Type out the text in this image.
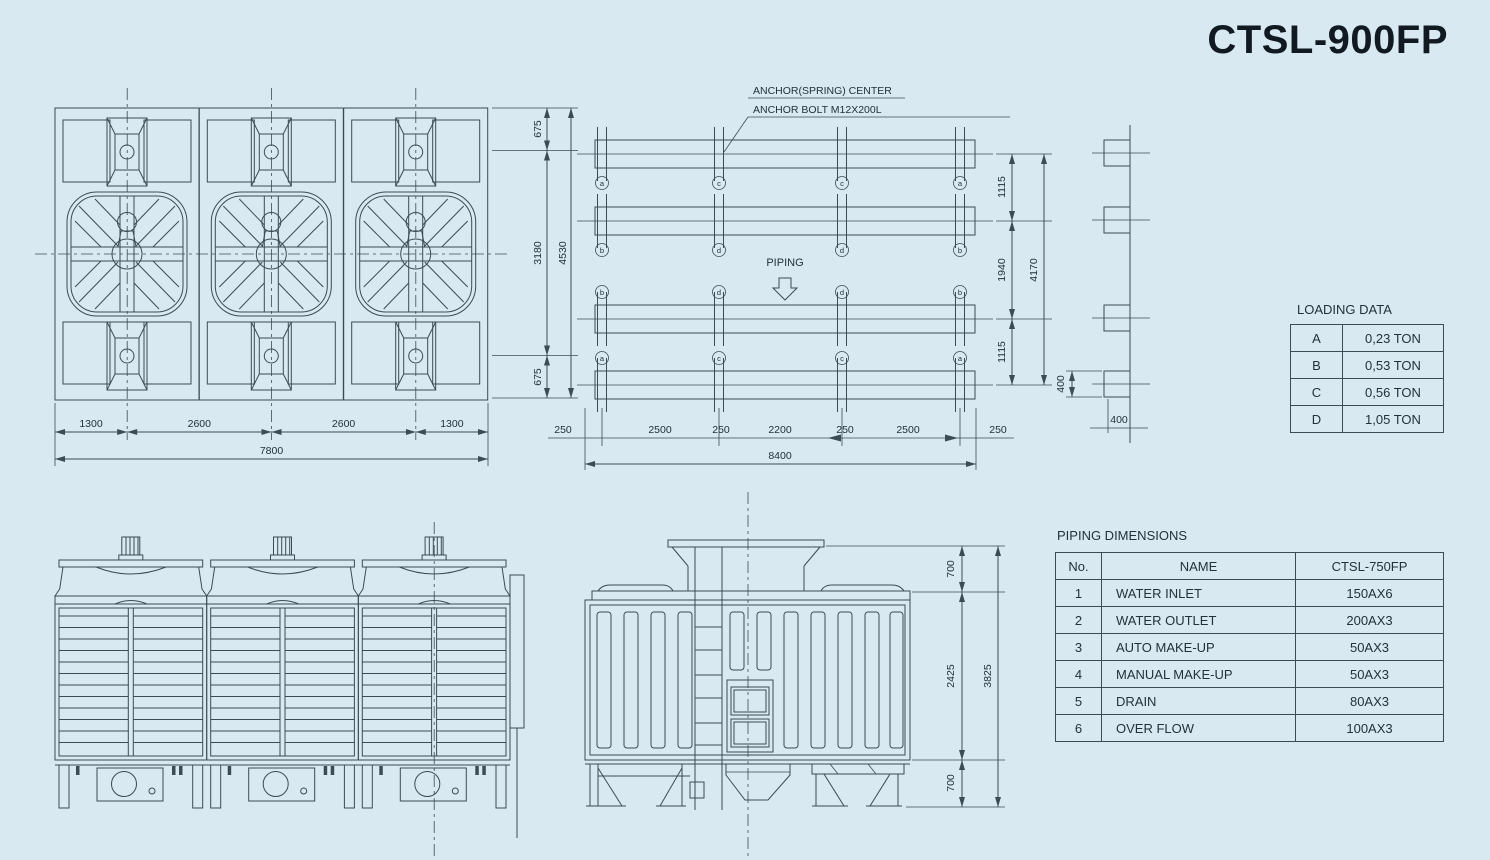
675
3180
675
4530
1300	2600	2600	1300
7800
a	c	c	a
b	d	d	b
b	d	d	b
a	c	c	a
ANCHOR(SPRING) CENTER
ANCHOR BOLT M12X200L
PIPING
1115
1940
1115
4170
400
400
250	2500	250	2200	250	2500	250
8400
700
2425
700
3825
CTSL-900FP
LOADING DATA
A	0,23 TON
B	0,53 TON
C	0,56 TON
D	1,05 TON
PIPING DIMENSIONS
No.	NAME	CTSL-750FP
1	WATER INLET	150AX6
2	WATER OUTLET	200AX3
3	AUTO MAKE-UP	50AX3
4	MANUAL MAKE-UP	50AX3
5	DRAIN	80AX3
6	OVER FLOW	100AX3
